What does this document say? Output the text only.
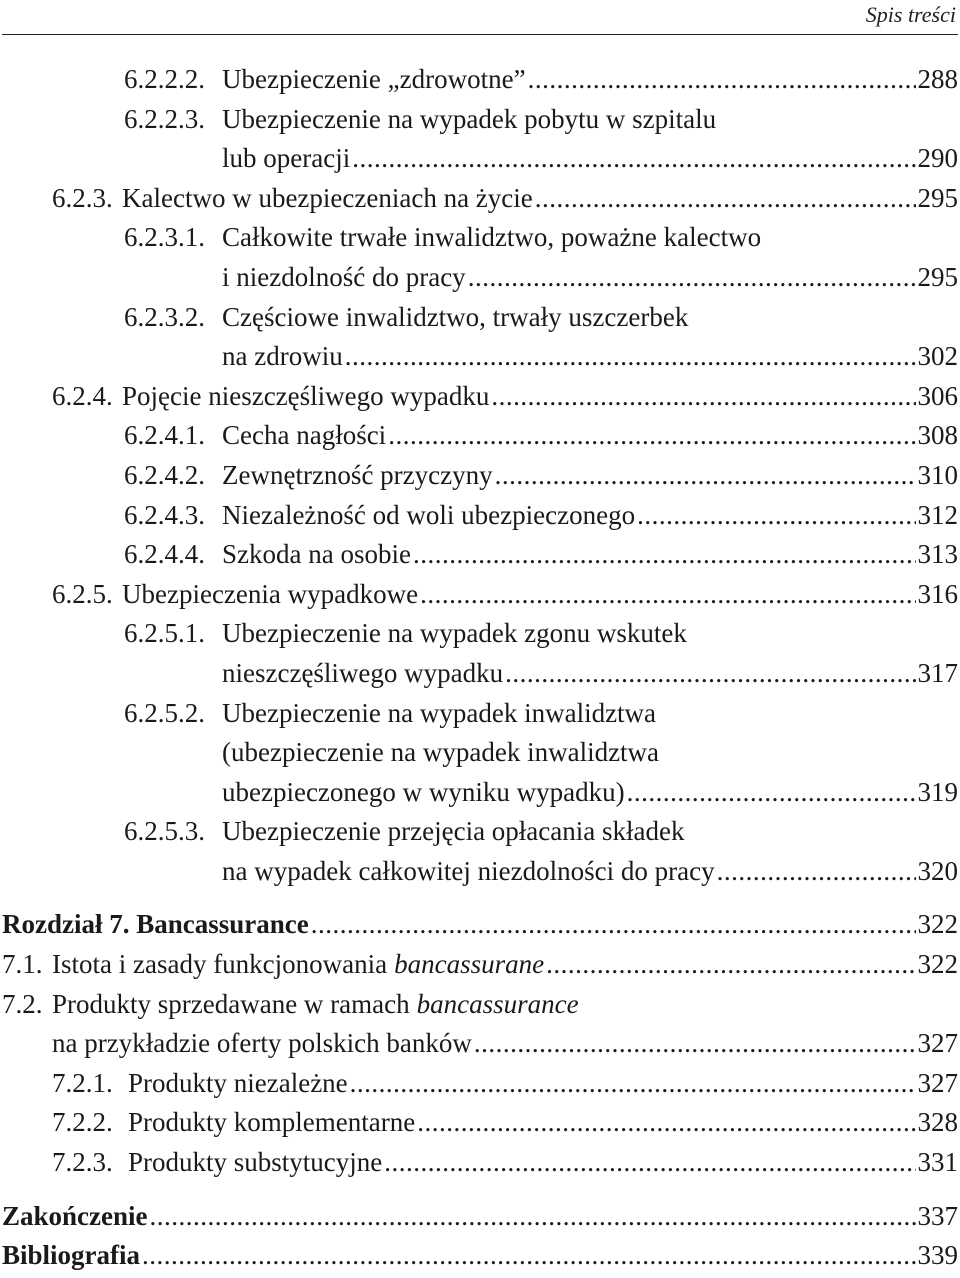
Spis treści
6.2.2.2. Ubezpieczenie „zdrowotne” .....	288
6.2.2.3. Ubezpieczenie na wypadek pobytu w szpitalu
lub operacji .....	290
6.2.3. Kalectwo w ubezpieczeniach na życie .....	295
6.2.3.1. Całkowite trwałe inwalidztwo, poważne kalectwo
i niezdolność do pracy .....	295
6.2.3.2. Częściowe inwalidztwo, trwały uszczerbek
na zdrowiu .....	302
6.2.4. Pojęcie nieszczęśliwego wypadku .....	306
6.2.4.1. Cecha nagłości .....	308
6.2.4.2. Zewnętrzność przyczyny .....	310
6.2.4.3. Niezależność od woli ubezpieczonego .....	312
6.2.4.4. Szkoda na osobie .....	313
6.2.5. Ubezpieczenia wypadkowe .....	316
6.2.5.1. Ubezpieczenie na wypadek zgonu wskutek
nieszczęśliwego wypadku .....	317
6.2.5.2. Ubezpieczenie na wypadek inwalidztwa
(ubezpieczenie na wypadek inwalidztwa
ubezpieczonego w wyniku wypadku) .....	319
6.2.5.3. Ubezpieczenie przejęcia opłacania składek
na wypadek całkowitej niezdolności do pracy .....	320
Rozdział 7. Bancassurance .....	322
7.1. Istota i zasady funkcjonowania bancassurane .....	322
7.2. Produkty sprzedawane w ramach bancassurance
na przykładzie oferty polskich banków .....	327
7.2.1. Produkty niezależne .....	327
7.2.2. Produkty komplementarne .....	328
7.2.3. Produkty substytucyjne .....	331
Zakończenie .....	337
Bibliografia .....	339
